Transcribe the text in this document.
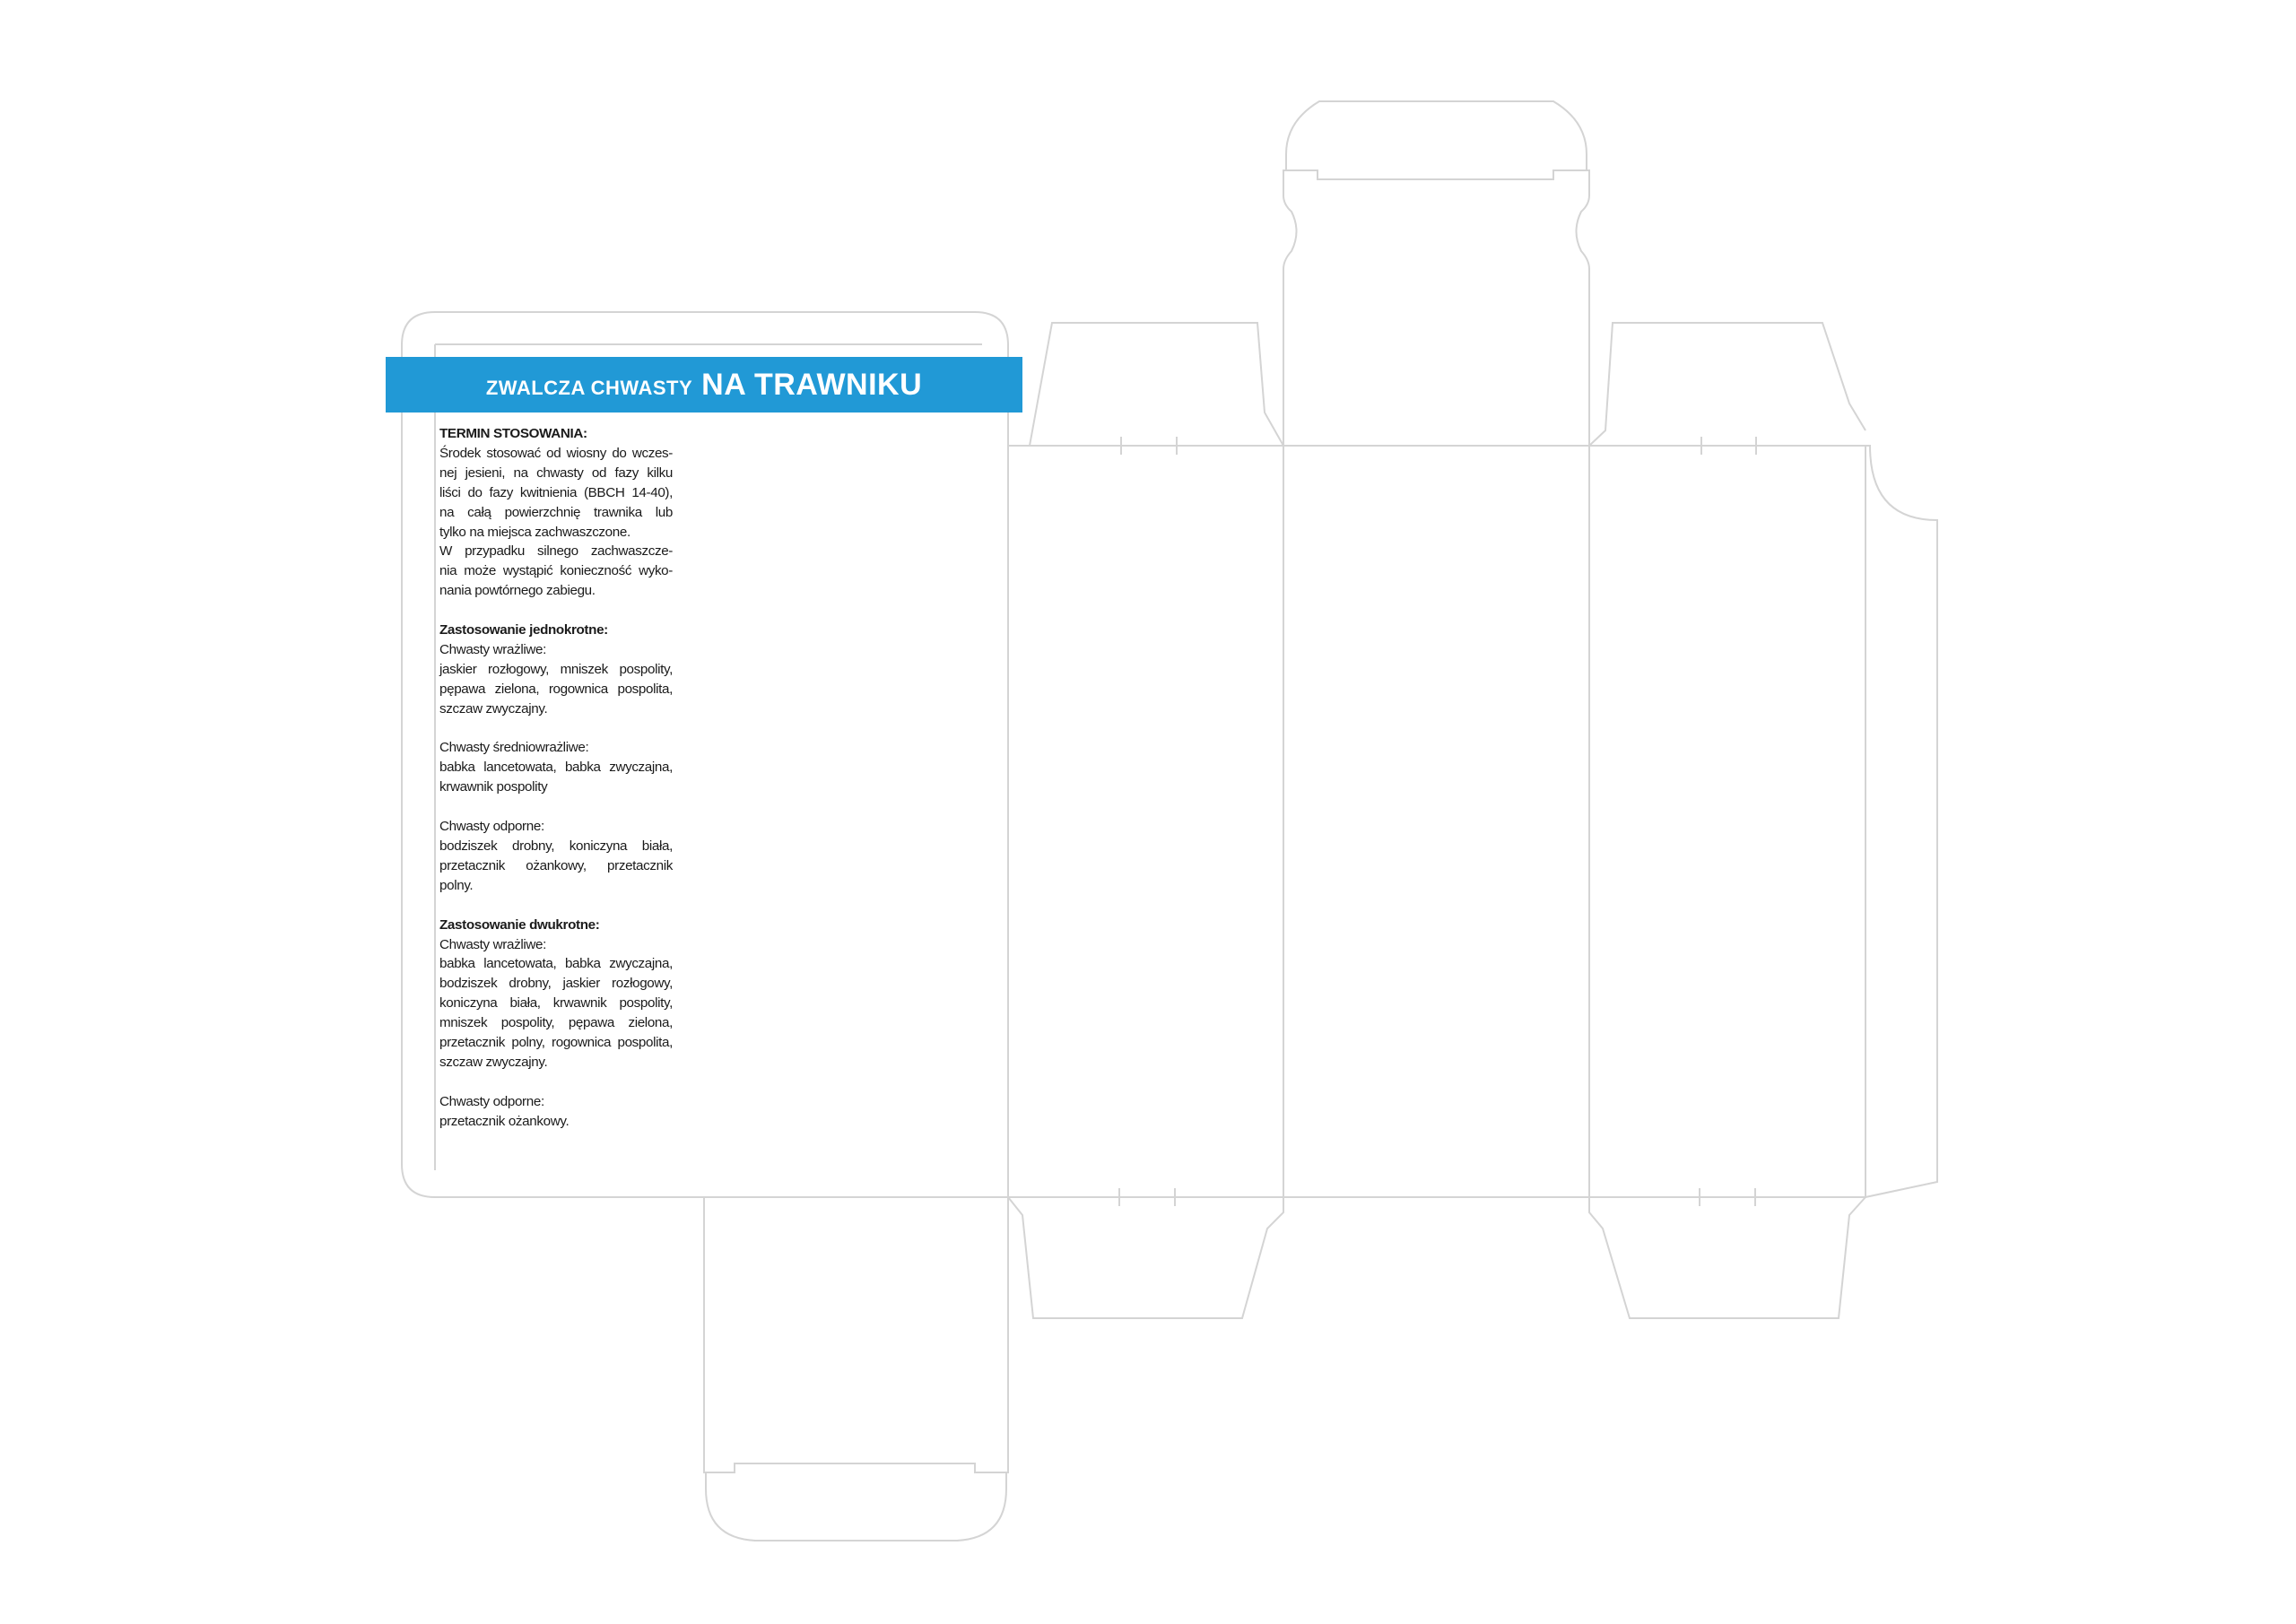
ZWALCZA CHWASTY NA TRAWNIKU
TERMIN STOSOWANIA:
Środek stosować od wiosny do wczes-
nej jesieni, na chwasty od fazy kilku
liści do fazy kwitnienia (BBCH 14-40),
na całą powierzchnię trawnika lub
tylko na miejsca zachwaszczone.
W przypadku silnego zachwaszcze-
nia może wystąpić konieczność wyko-
nania powtórnego zabiegu.
Zastosowanie jednokrotne:
Chwasty wrażliwe:
jaskier rozłogowy, mniszek pospolity,
pępawa zielona, rogownica pospolita,
szczaw zwyczajny.
Chwasty średniowrażliwe:
babka lancetowata, babka zwyczajna,
krwawnik pospolity
Chwasty odporne:
bodziszek drobny, koniczyna biała,
przetacznik ożankowy, przetacznik
polny.
Zastosowanie dwukrotne:
Chwasty wrażliwe:
babka lancetowata, babka zwyczajna,
bodziszek drobny, jaskier rozłogowy,
koniczyna biała, krwawnik pospolity,
mniszek pospolity, pępawa zielona,
przetacznik polny, rogownica pospolita,
szczaw zwyczajny.
Chwasty odporne:
przetacznik ożankowy.
